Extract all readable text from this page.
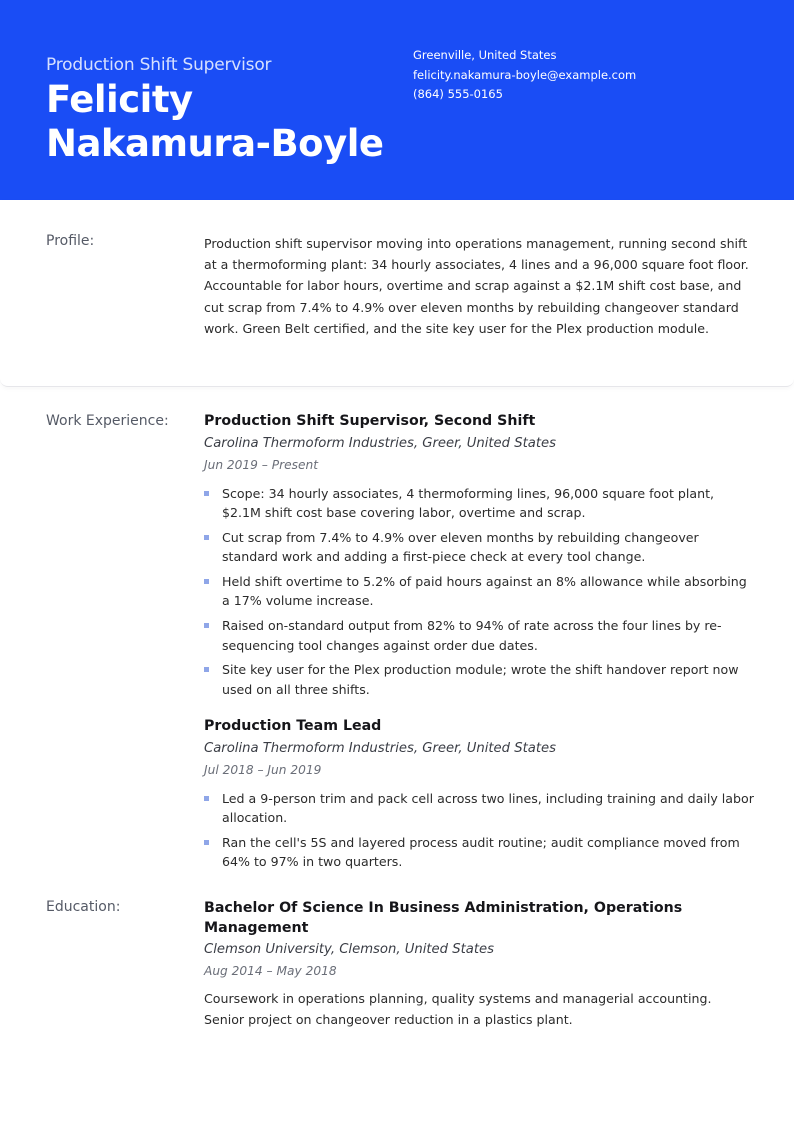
Production Shift Supervisor
Felicity Nakamura-Boyle
Greenville, United States
felicity.nakamura-boyle@example.com
(864) 555-0165
Profile:	Production shift supervisor moving into operations management, running second shift at a thermoforming plant: 34 hourly associates, 4 lines and a 96,000 square foot floor. Accountable for labor hours, overtime and scrap against a $2.1M shift cost base, and cut scrap from 7.4% to 4.9% over eleven months by rebuilding changeover standard work. Green Belt certified, and the site key user for the Plex production module.
Work Experience: Production Shift Supervisor, Second Shift
Carolina Thermoform Industries, Greer, United States
Jun 2019 – Present
Scope: 34 hourly associates, 4 thermoforming lines, 96,000 square foot plant, $2.1M shift cost base covering labor, overtime and scrap.
Cut scrap from 7.4% to 4.9% over eleven months by rebuilding changeover standard work and adding a first-piece check at every tool change.
Held shift overtime to 5.2% of paid hours against an 8% allowance while absorbing a 17% volume increase.
Raised on-standard output from 82% to 94% of rate across the four lines by re-sequencing tool changes against order due dates.
Site key user for the Plex production module; wrote the shift handover report now used on all three shifts.
Production Team Lead
Carolina Thermoform Industries, Greer, United States
Jul 2018 – Jun 2019
Led a 9-person trim and pack cell across two lines, including training and daily labor allocation.
Ran the cell's 5S and layered process audit routine; audit compliance moved from 64% to 97% in two quarters.
Education:	Bachelor Of Science In Business Administration, Operations Management
Clemson University, Clemson, United States
Aug 2014 – May 2018
Coursework in operations planning, quality systems and managerial accounting. Senior project on changeover reduction in a plastics plant.
